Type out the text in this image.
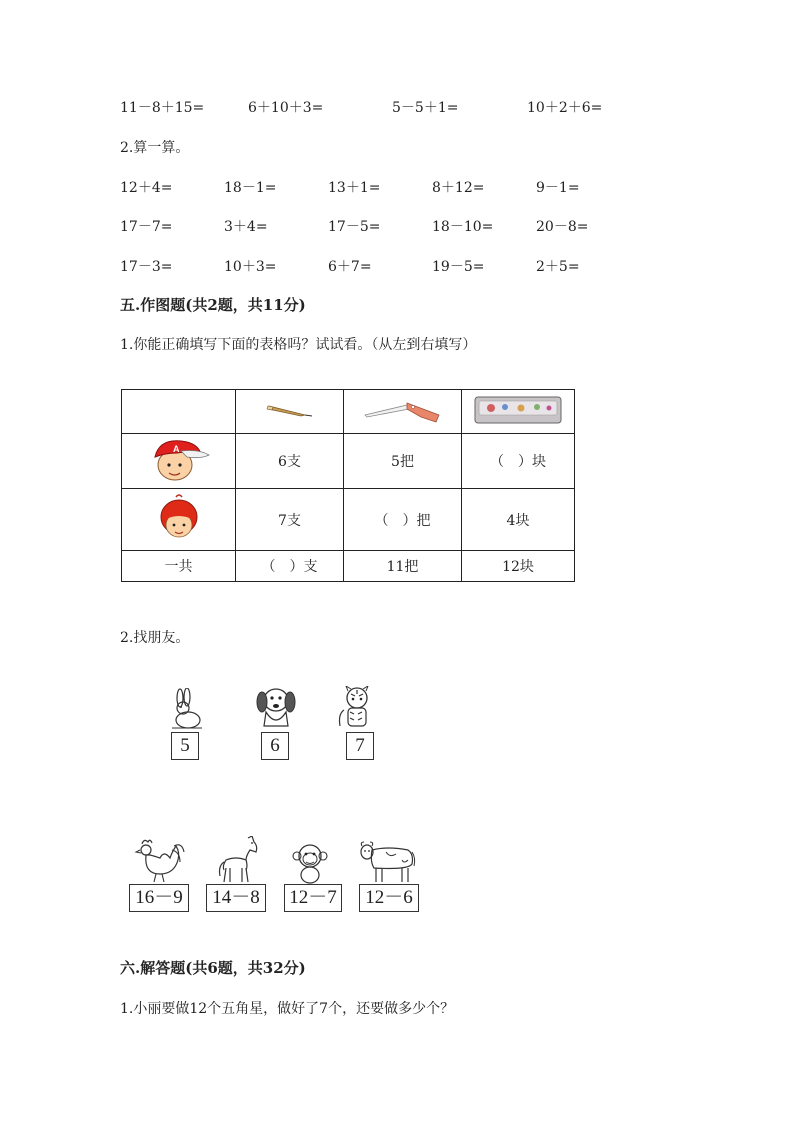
11－8＋15=	6＋10＋3=	5－5＋1=	10＋2＋6=
2.算一算。
12＋4=	18－1=	13＋1=	8＋12=	9－1=
17－7=	3＋4=	17－5=	18－10=	20－8=
17－3=	10＋3=	6＋7=	19－5=	2＋5=
五.作图题(共2题，共11分)
1.你能正确填写下面的表格吗？试试看。（从左到右填写）

A	6支	5把	（　）块
	7支	（　）把	4块
一共	（　）支	11把	12块
2.找朋友。
5	6	7
16－9	14－8	12－7	12－6
六.解答题(共6题，共32分)
1.小丽要做12个五角星，做好了7个，还要做多少个？
